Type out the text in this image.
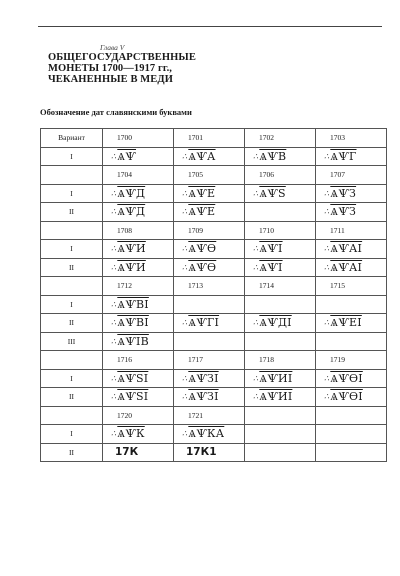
Глава V
ОБЩЕГОСУДАРСТВЕННЫЕ
МОНЕТЫ 1700—1917 гг.,
ЧЕКАНЕННЫЕ В МЕДИ
Обозначение дат славянскими буквами
Вариант	1700	1701	1702	1703
I	∴ѦѰ	∴ѦѰА	∴ѦѰВ	∴ѦѰГ
	1704	1705	1706	1707
I	∴ѦѰД	∴ѦѰЕ	∴ѦѰЅ	∴ѦѰЗ
II	∴ѦѰД	∴ѦѰЕ		∴ѦѰЗ
	1708	1709	1710	1711
I	∴ѦѰИ	∴ѦѰѲ	∴ѦѰІ	∴ѦѰАІ
II	∴ѦѰИ	∴ѦѰѲ	∴ѦѰІ	∴ѦѰАІ
	1712	1713	1714	1715
I	∴ѦѰВІ			
II	∴ѦѰВІ	∴ѦѰГІ	∴ѦѰДІ	∴ѦѰЕІ
III	∴ѦѰІВ			
	1716	1717	1718	1719
I	∴ѦѰЅІ	∴ѦѰЗІ	∴ѦѰИІ	∴ѦѰѲІ
II	∴ѦѰЅІ	∴ѦѰЗІ	∴ѦѰИІ	∴ѦѰѲІ
	1720	1721		
I	∴ѦѰК	∴ѦѰКА		
II	17К	17К1		
